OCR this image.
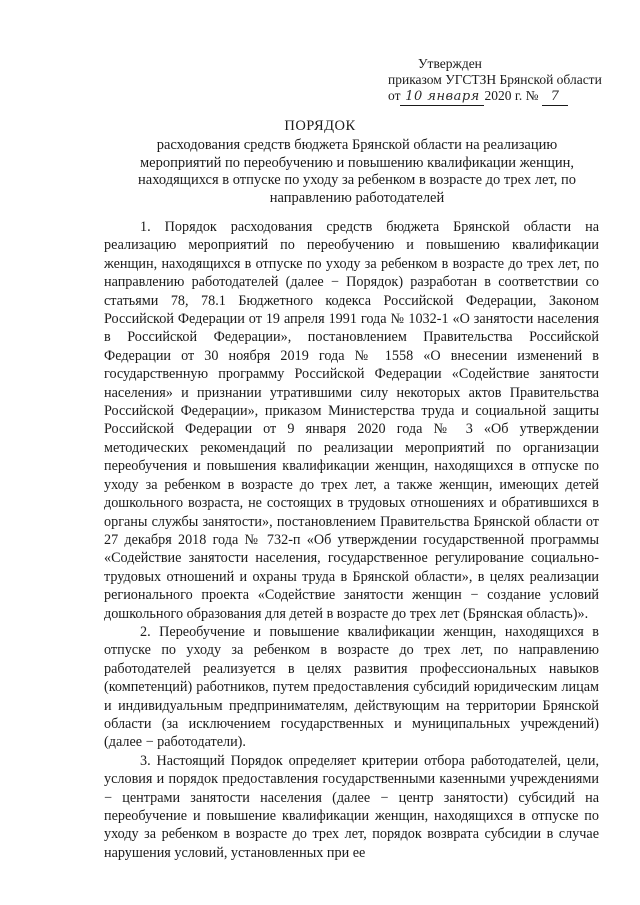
Утвержден
приказом УГСТЗН Брянской области
от 10 января 2020 г. № 7
ПОРЯДОК
расходования средств бюджета Брянской области на реализацию мероприятий по переобучению и повышению квалификации женщин, находящихся в отпуске по уходу за ребенком в возрасте до трех лет, по направлению работодателей

1. Порядок расходования средств бюджета Брянской области на реализацию мероприятий по переобучению и повышению квалификации женщин, находящихся в отпуске по уходу за ребенком в возрасте до трех лет, по направлению работодателей (далее − Порядок) разработан в соответствии со статьями 78, 78.1 Бюджетного кодекса Российской Федерации, Законом Российской Федерации от 19 апреля 1991 года № 1032-1 «О занятости населения в Российской Федерации», постановлением Правительства Российской Федерации от 30 ноября 2019 года № 1558 «О внесении изменений в государственную программу Российской Федерации «Содействие занятости населения» и признании утратившими силу некоторых актов Правительства Российской Федерации», приказом Министерства труда и социальной защиты Российской Федерации от 9 января 2020 года № 3 «Об утверждении методических рекомендаций по реализации мероприятий по организации переобучения и повышения квалификации женщин, находящихся в отпуске по уходу за ребенком в возрасте до трех лет, а также женщин, имеющих детей дошкольного возраста, не состоящих в трудовых отношениях и обратившихся в органы службы занятости», постановлением Правительства Брянской области от 27 декабря 2018 года № 732-п «Об утверждении государственной программы «Содействие занятости населения, государственное регулирование социально-трудовых отношений и охраны труда в Брянской области», в целях реализации регионального проекта «Содействие занятости женщин − создание условий дошкольного образования для детей в возрасте до трех лет (Брянская область)».

2. Переобучение и повышение квалификации женщин, находящихся в отпуске по уходу за ребенком в возрасте до трех лет, по направлению работодателей реализуется в целях развития профессиональных навыков (компетенций) работников, путем предоставления субсидий юридическим лицам и индивидуальным предпринимателям, действующим на территории Брянской области (за исключением государственных и муниципальных учреждений) (далее − работодатели).

3. Настоящий Порядок определяет критерии отбора работодателей, цели, условия и порядок предоставления государственными казенными учреждениями − центрами занятости населения (далее − центр занятости) субсидий на переобучение и повышение квалификации женщин, находящихся в отпуске по уходу за ребенком в возрасте до трех лет, порядок возврата субсидии в случае нарушения условий, установленных при ее
